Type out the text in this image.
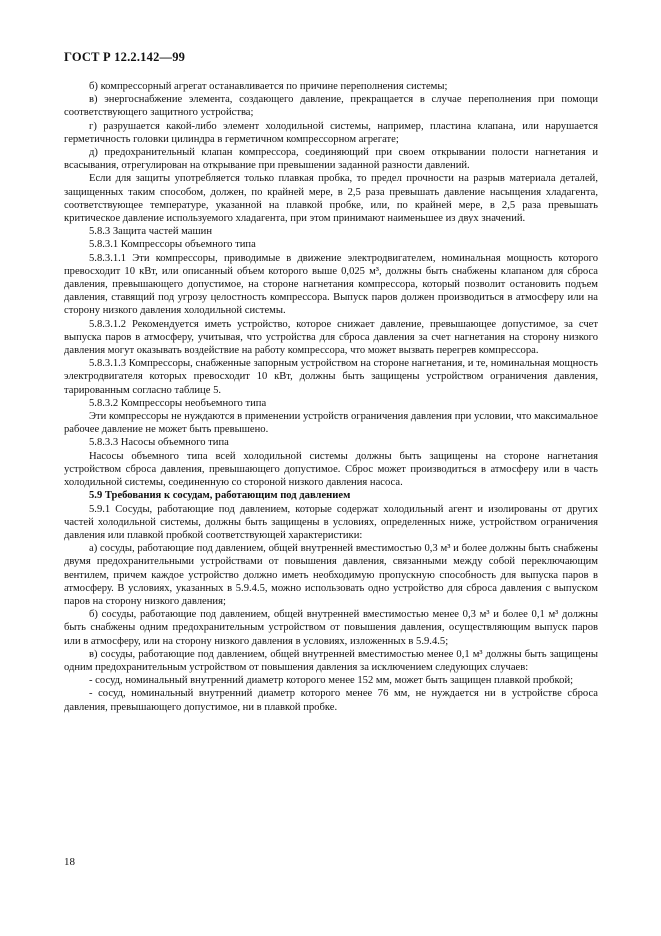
ГОСТ Р 12.2.142—99

б) компрессорный агрегат останавливается по причине переполнения системы;

в) энергоснабжение элемента, создающего давление, прекращается в случае переполнения при помощи соответствующего защитного устройства;

г) разрушается какой-либо элемент холодильной системы, например, пластина клапана, или нарушается герметичность головки цилиндра в герметичном компрессорном агрегате;

д) предохранительный клапан компрессора, соединяющий при своем открывании полости нагнетания и всасывания, отрегулирован на открывание при превышении заданной разности давлений.

Если для защиты употребляется только плавкая пробка, то предел прочности на разрыв материала деталей, защищенных таким способом, должен, по крайней мере, в 2,5 раза превышать давление насыщения хладагента, соответствующее температуре, указанной на плавкой пробке, или, по крайней мере, в 2,5 раза превышать критическое давление используемого хладагента, при этом принимают наименьшее из двух значений.

5.8.3 Защита частей машин

5.8.3.1 Компрессоры объемного типа

5.8.3.1.1 Эти компрессоры, приводимые в движение электродвигателем, номинальная мощность которого превосходит 10 кВт, или описанный объем которого выше 0,025 м³, должны быть снабжены клапаном для сброса давления, превышающего допустимое, на стороне нагнетания компрессора, который позволит остановить подъем давления, ставящий под угрозу целостность компрессора. Выпуск паров должен производиться в атмосферу или на сторону низкого давления холодильной системы.

5.8.3.1.2 Рекомендуется иметь устройство, которое снижает давление, превышающее допустимое, за счет выпуска паров в атмосферу, учитывая, что устройства для сброса давления за счет нагнетания на сторону низкого давления могут оказывать воздействие на работу компрессора, что может вызвать перегрев компрессора.

5.8.3.1.3 Компрессоры, снабженные запорным устройством на стороне нагнетания, и те, номинальная мощность электродвигателя которых превосходит 10 кВт, должны быть защищены устройством ограничения давления, тарированным согласно таблице 5.

5.8.3.2 Компрессоры необъемного типа

Эти компрессоры не нуждаются в применении устройств ограничения давления при условии, что максимальное рабочее давление не может быть превышено.

5.8.3.3 Насосы объемного типа

Насосы объемного типа всей холодильной системы должны быть защищены на стороне нагнетания устройством сброса давления, превышающего допустимое. Сброс может производиться в атмосферу или в часть холодильной системы, соединенную со стороной низкого давления насоса.

5.9 Требования к сосудам, работающим под давлением

5.9.1 Сосуды, работающие под давлением, которые содержат холодильный агент и изолированы от других частей холодильной системы, должны быть защищены в условиях, определенных ниже, устройством ограничения давления или плавкой пробкой соответствующей характеристики:

а) сосуды, работающие под давлением, общей внутренней вместимостью 0,3 м³ и более должны быть снабжены двумя предохранительными устройствами от повышения давления, связанными между собой переключающим вентилем, причем каждое устройство должно иметь необходимую пропускную способность для выпуска паров в атмосферу. В условиях, указанных в 5.9.4.5, можно использовать одно устройство для сброса давления с выпуском паров на сторону низкого давления;

б) сосуды, работающие под давлением, общей внутренней вместимостью менее 0,3 м³ и более 0,1 м³ должны быть снабжены одним предохранительным устройством от повышения давления, осуществляющим выпуск паров или в атмосферу, или на сторону низкого давления в условиях, изложенных в 5.9.4.5;

в) сосуды, работающие под давлением, общей внутренней вместимостью менее 0,1 м³ должны быть защищены одним предохранительным устройством от повышения давления за исключением следующих случаев:

- сосуд, номинальный внутренний диаметр которого менее 152 мм, может быть защищен плавкой пробкой;

- сосуд, номинальный внутренний диаметр которого менее 76 мм, не нуждается ни в устройстве сброса давления, превышающего допустимое, ни в плавкой пробке.

18
